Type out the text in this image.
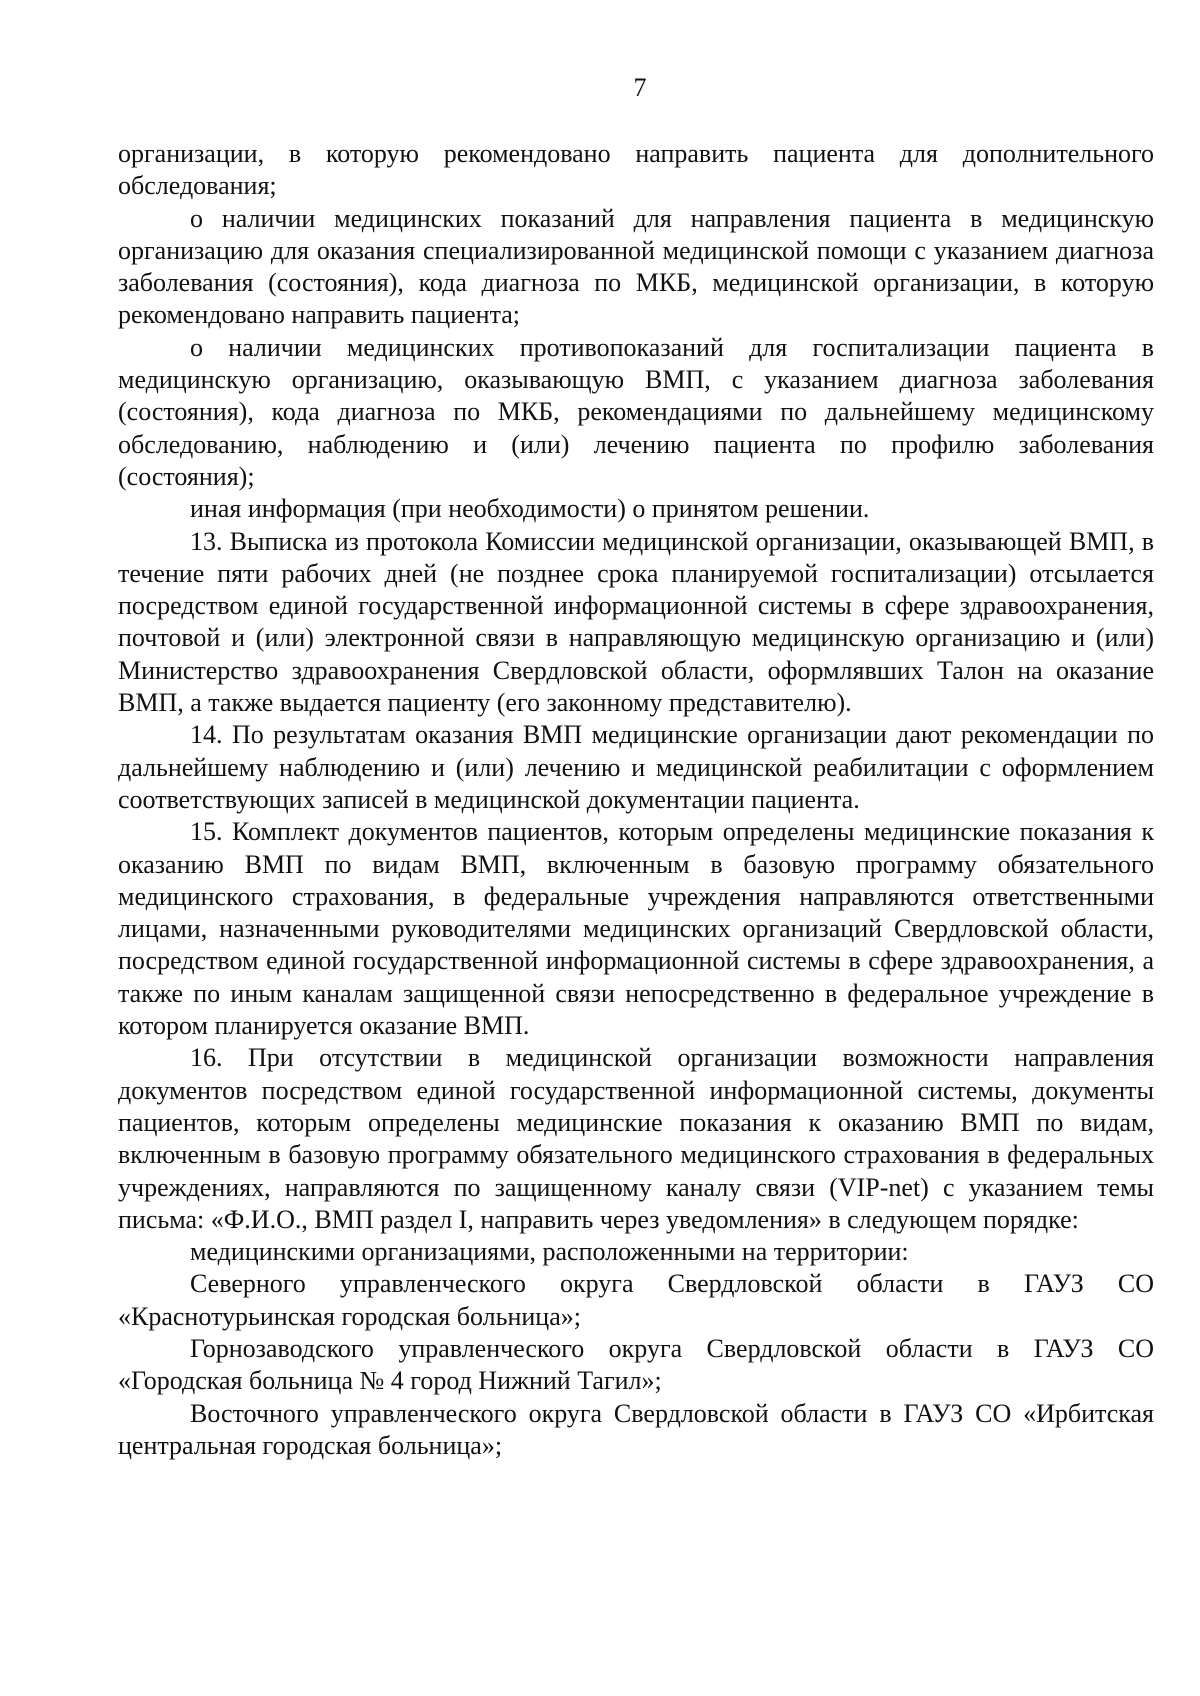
7

организации, в которую рекомендовано направить пациента для дополнительного обследования;

о наличии медицинских показаний для направления пациента в медицинскую организацию для оказания специализированной медицинской помощи с указанием диагноза заболевания (состояния), кода диагноза по МКБ, медицинской организации, в которую рекомендовано направить пациента;

о наличии медицинских противопоказаний для госпитализации пациента в медицинскую организацию, оказывающую ВМП, с указанием диагноза заболевания (состояния), кода диагноза по МКБ, рекомендациями по дальнейшему медицинскому обследованию, наблюдению и (или) лечению пациента по профилю заболевания (состояния);

иная информация (при необходимости) о принятом решении.

13. Выписка из протокола Комиссии медицинской организации, оказывающей ВМП, в течение пяти рабочих дней (не позднее срока планируемой госпитализации) отсылается посредством единой государственной информационной системы в сфере здравоохранения, почтовой и (или) электронной связи в направляющую медицинскую организацию и (или) Министерство здравоохранения Свердловской области, оформлявших Талон на оказание ВМП, а также выдается пациенту (его законному представителю).

14. По результатам оказания ВМП медицинские организации дают рекомендации по дальнейшему наблюдению и (или) лечению и медицинской реабилитации с оформлением соответствующих записей в медицинской документации пациента.

15. Комплект документов пациентов, которым определены медицинские показания к оказанию ВМП по видам ВМП, включенным в базовую программу обязательного медицинского страхования, в федеральные учреждения направляются ответственными лицами, назначенными руководителями медицинских организаций Свердловской области, посредством единой государственной информационной системы в сфере здравоохранения, а также по иным каналам защищенной связи непосредственно в федеральное учреждение в котором планируется оказание ВМП.

16. При отсутствии в медицинской организации возможности направления документов посредством единой государственной информационной системы, документы пациентов, которым определены медицинские показания к оказанию ВМП по видам, включенным в базовую программу обязательного медицинского страхования в федеральных учреждениях, направляются по защищенному каналу связи (VIP-net) с указанием темы письма: «Ф.И.О., ВМП раздел I, направить через уведомления» в следующем порядке:

медицинскими организациями, расположенными на территории:

Северного управленческого округа Свердловской области в ГАУЗ СО «Краснотурьинская городская больница»;

Горнозаводского управленческого округа Свердловской области в ГАУЗ СО «Городская больница № 4 город Нижний Тагил»;

Восточного управленческого округа Свердловской области в ГАУЗ СО «Ирбитская центральная городская больница»;
